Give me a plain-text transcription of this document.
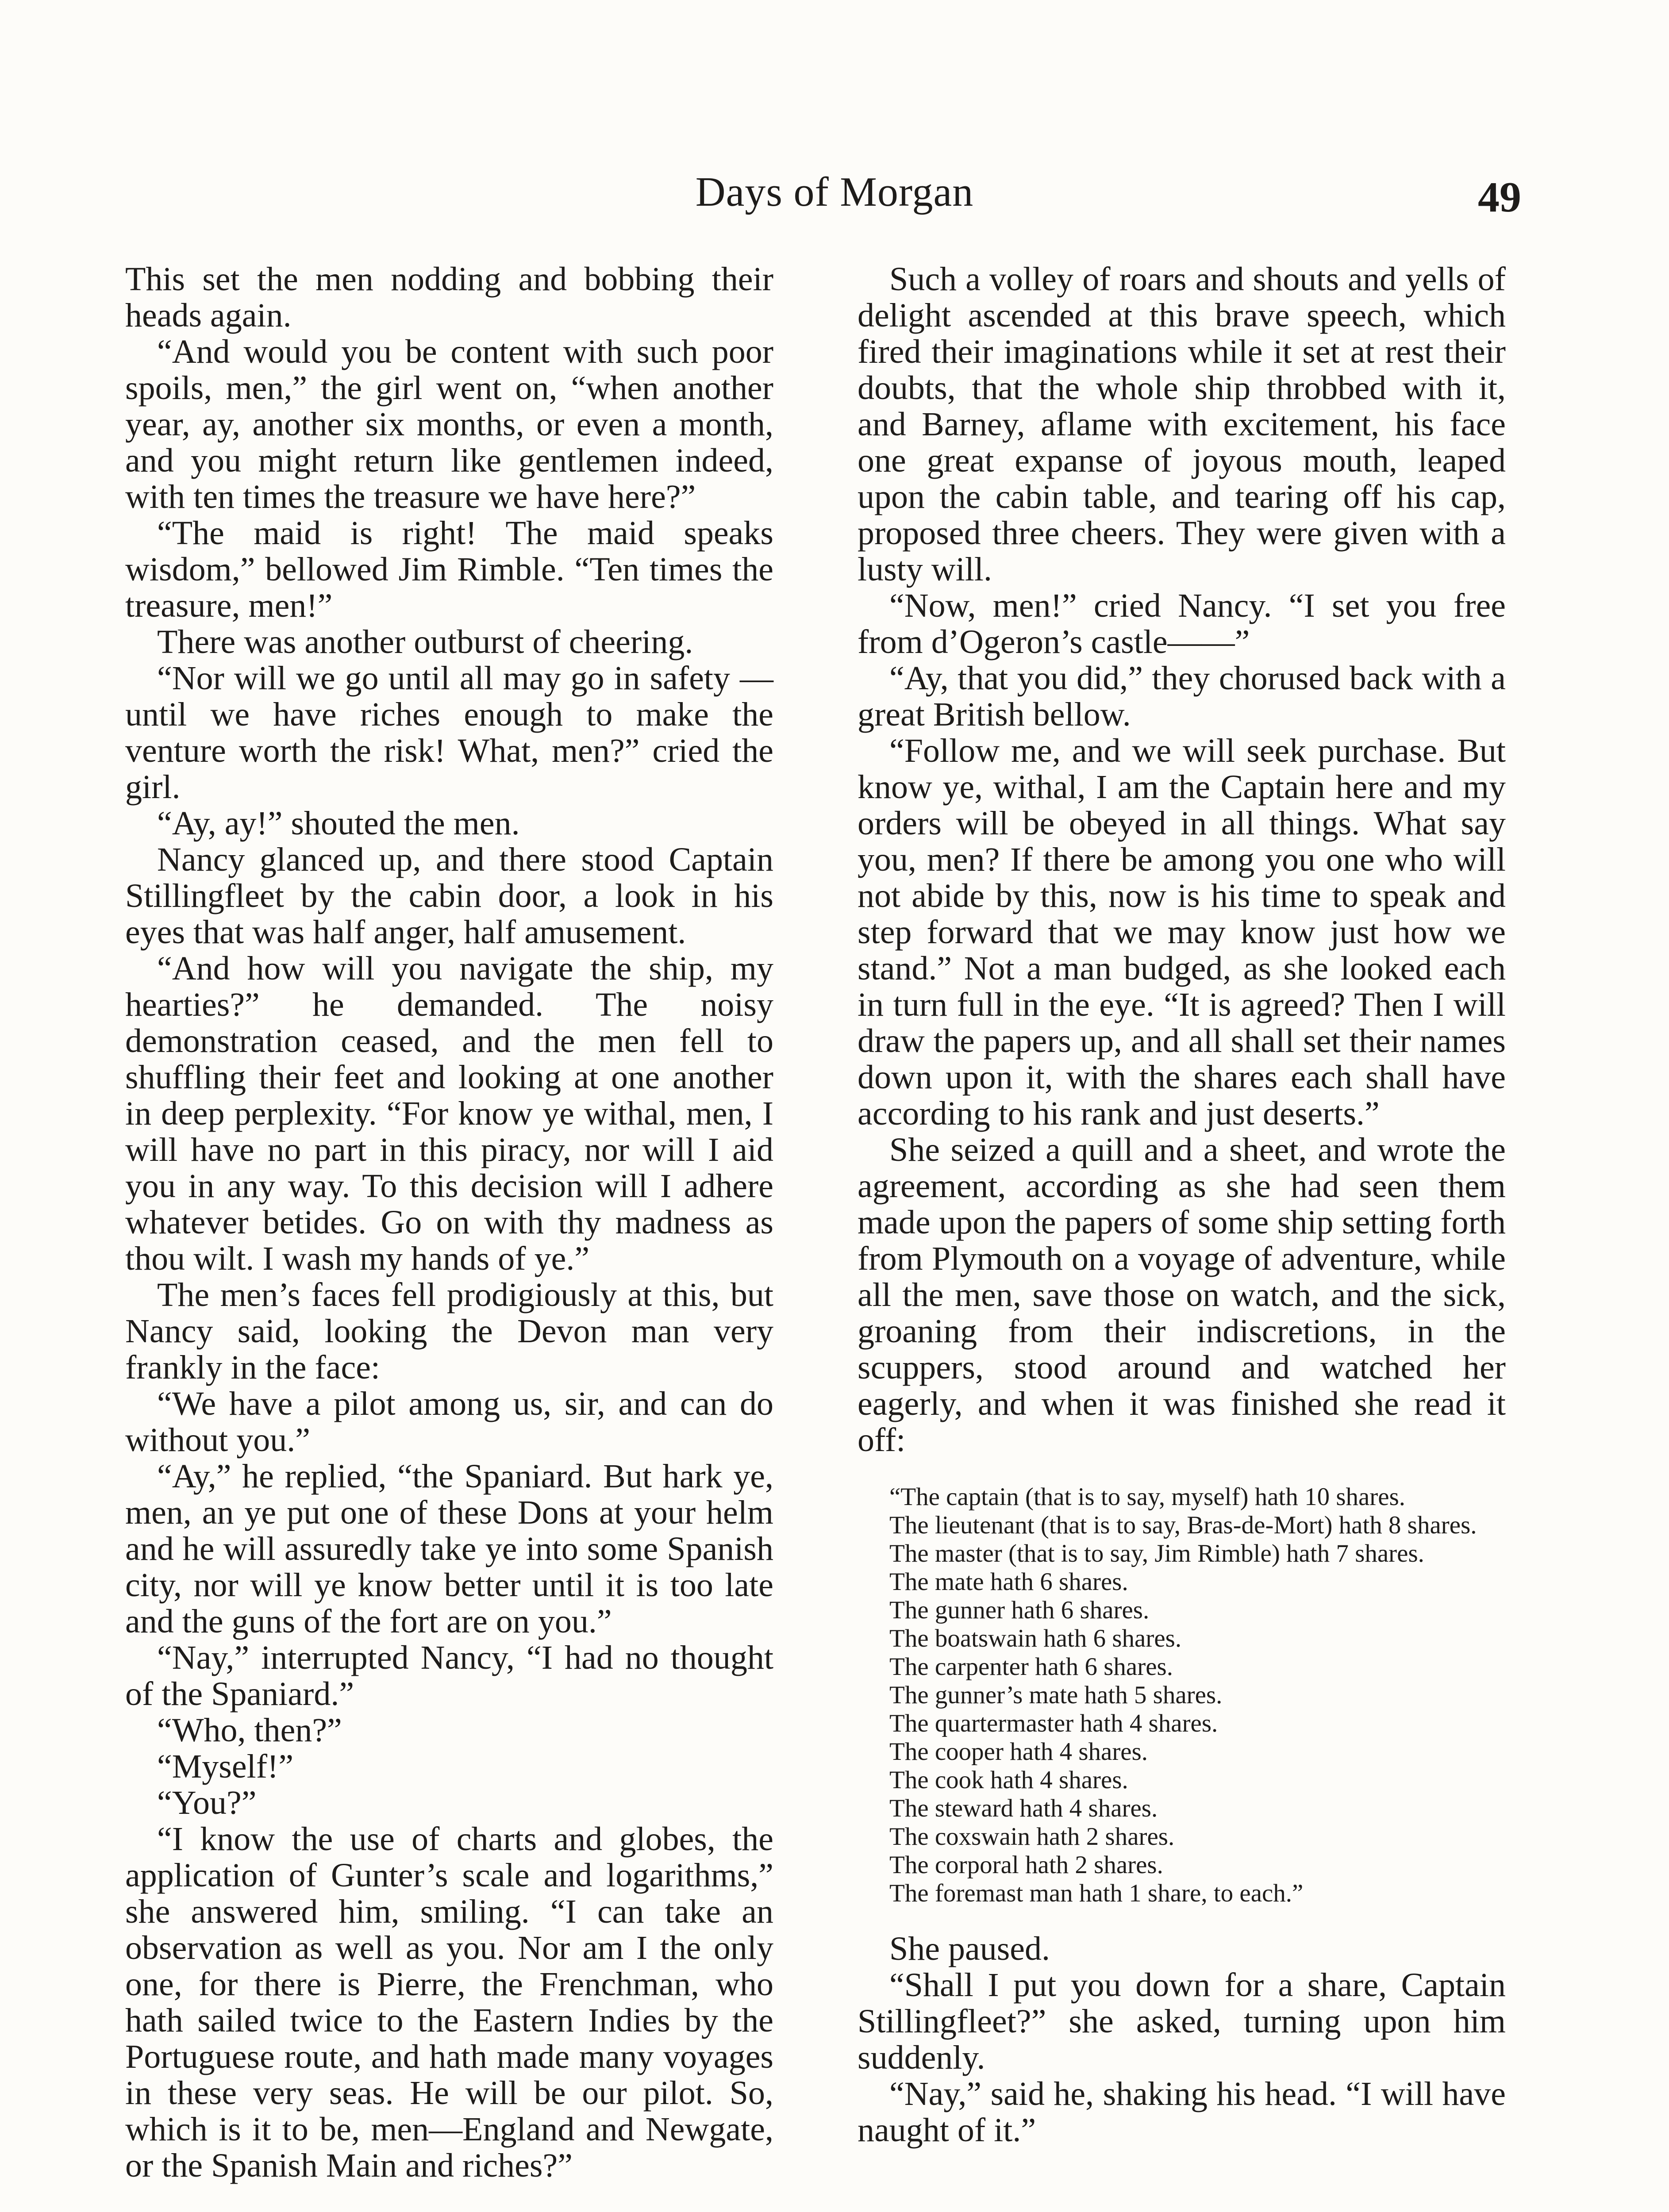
Days of Morgan	49

This set the men nodding and bobbing their heads again.

“And would you be content with such poor spoils, men,” the girl went on, “when another year, ay, another six months, or even a month, and you might return like gentlemen indeed, with ten times the treasure we have here?”

“The maid is right! The maid speaks wisdom,” bellowed Jim Rimble. “Ten times the treasure, men!”

There was another outburst of cheering.

“Nor will we go until all may go in safety —until we have riches enough to make the venture worth the risk! What, men?” cried the girl.

“Ay, ay!” shouted the men.

Nancy glanced up, and there stood Captain Stillingfleet by the cabin door, a look in his eyes that was half anger, half amusement.

“And how will you navigate the ship, my hearties?” he demanded. The noisy demonstration ceased, and the men fell to shuffling their feet and looking at one another in deep perplexity. “For know ye withal, men, I will have no part in this piracy, nor will I aid you in any way. To this decision will I adhere whatever betides. Go on with thy madness as thou wilt. I wash my hands of ye.”

The men’s faces fell prodigiously at this, but Nancy said, looking the Devon man very frankly in the face:

“We have a pilot among us, sir, and can do without you.”

“Ay,” he replied, “the Spaniard. But hark ye, men, an ye put one of these Dons at your helm and he will assuredly take ye into some Spanish city, nor will ye know better until it is too late and the guns of the fort are on you.”

“Nay,” interrupted Nancy, “I had no thought of the Spaniard.”

“Who, then?”

“Myself!”

“You?”

“I know the use of charts and globes, the application of Gunter’s scale and logarithms,” she answered him, smiling. “I can take an observation as well as you. Nor am I the only one, for there is Pierre, the Frenchman, who hath sailed twice to the Eastern Indies by the Portuguese route, and hath made many voyages in these very seas. He will be our pilot. So, which is it to be, men—England and Newgate, or the Spanish Main and riches?”

Such a volley of roars and shouts and yells of delight ascended at this brave speech, which fired their imaginations while it set at rest their doubts, that the whole ship throbbed with it, and Barney, aflame with excitement, his face one great expanse of joyous mouth, leaped upon the cabin table, and tearing off his cap, proposed three cheers. They were given with a lusty will.

“Now, men!” cried Nancy. “I set you free from d’Ogeron’s castle——”

“Ay, that you did,” they chorused back with a great British bellow.

“Follow me, and we will seek purchase. But know ye, withal, I am the Captain here and my orders will be obeyed in all things. What say you, men? If there be among you one who will not abide by this, now is his time to speak and step forward that we may know just how we stand.” Not a man budged, as she looked each in turn full in the eye. “It is agreed? Then I will draw the papers up, and all shall set their names down upon it, with the shares each shall have according to his rank and just deserts.”

She seized a quill and a sheet, and wrote the agreement, according as she had seen them made upon the papers of some ship setting forth from Plymouth on a voyage of adventure, while all the men, save those on watch, and the sick, groaning from their indiscretions, in the scuppers, stood around and watched her eagerly, and when it was finished she read it off:

“The captain (that is to say, myself) hath 10 shares.
The lieutenant (that is to say, Bras-de-Mort) hath 8 shares.
The master (that is to say, Jim Rimble) hath 7 shares.
The mate hath 6 shares.
The gunner hath 6 shares.
The boatswain hath 6 shares.
The carpenter hath 6 shares.
The gunner’s mate hath 5 shares.
The quartermaster hath 4 shares.
The cooper hath 4 shares.
The cook hath 4 shares.
The steward hath 4 shares.
The coxswain hath 2 shares.
The corporal hath 2 shares.
The foremast man hath 1 share, to each.”

She paused.

“Shall I put you down for a share, Captain Stillingfleet?” she asked, turning upon him suddenly.

“Nay,” said he, shaking his head. “I will have naught of it.”
